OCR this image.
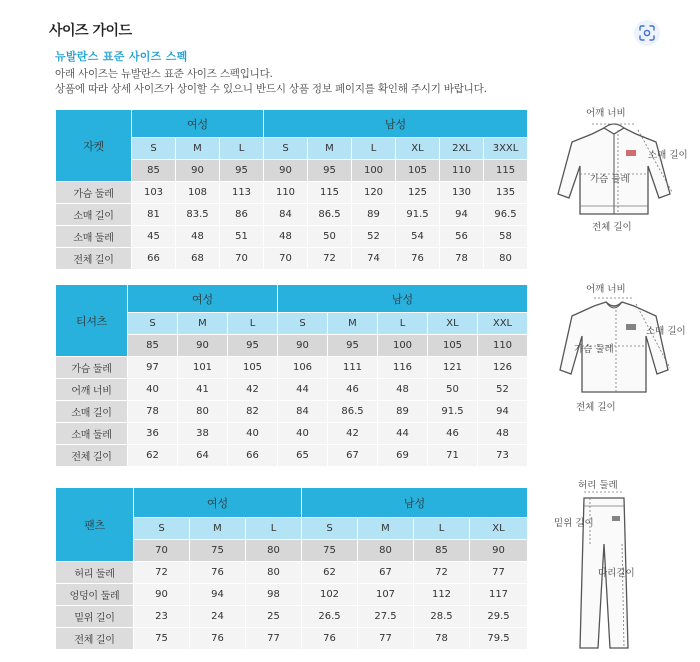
사이즈 가이드
뉴발란스 표준 사이즈 스펙
아래 사이즈는 뉴발란스 표준 사이즈 스펙입니다.
상품에 따라 상세 사이즈가 상이할 수 있으니 반드시 상품 정보 페이지를 확인해 주시기 바랍니다.
자켓	여성			남성					
	S	M	L	S	M	L	XL	2XL	3XXL
	85	90	95	90	95	100	105	110	115
가슴 둘레	103	108	113	110	115	120	125	130	135
소매 길이	81	83.5	86	84	86.5	89	91.5	94	96.5
소매 둘레	45	48	51	48	50	52	54	56	58
전체 길이	66	68	70	70	72	74	76	78	80
티셔츠	여성			남성				
	S	M	L	S	M	L	XL	XXL
	85	90	95	90	95	100	105	110
가슴 둘레	97	101	105	106	111	116	121	126
어깨 너비	40	41	42	44	46	48	50	52
소매 길이	78	80	82	84	86.5	89	91.5	94
소매 둘레	36	38	40	40	42	44	46	48
전체 길이	62	64	66	65	67	69	71	73
팬츠	여성			남성			
	S	M	L	S	M	L	XL
	70	75	80	75	80	85	90
허리 둘레	72	76	80	62	67	72	77
엉덩이 둘레	90	94	98	102	107	112	117
밑위 길이	23	24	25	26.5	27.5	28.5	29.5
전체 길이	75	76	77	76	77	78	79.5
어깨 너비
소매 길이
가슴 둘레
전체 길이
어깨 너비
소매 길이
가슴 둘레
전체 길이
허리 둘레
밑위 길이
다리길이
